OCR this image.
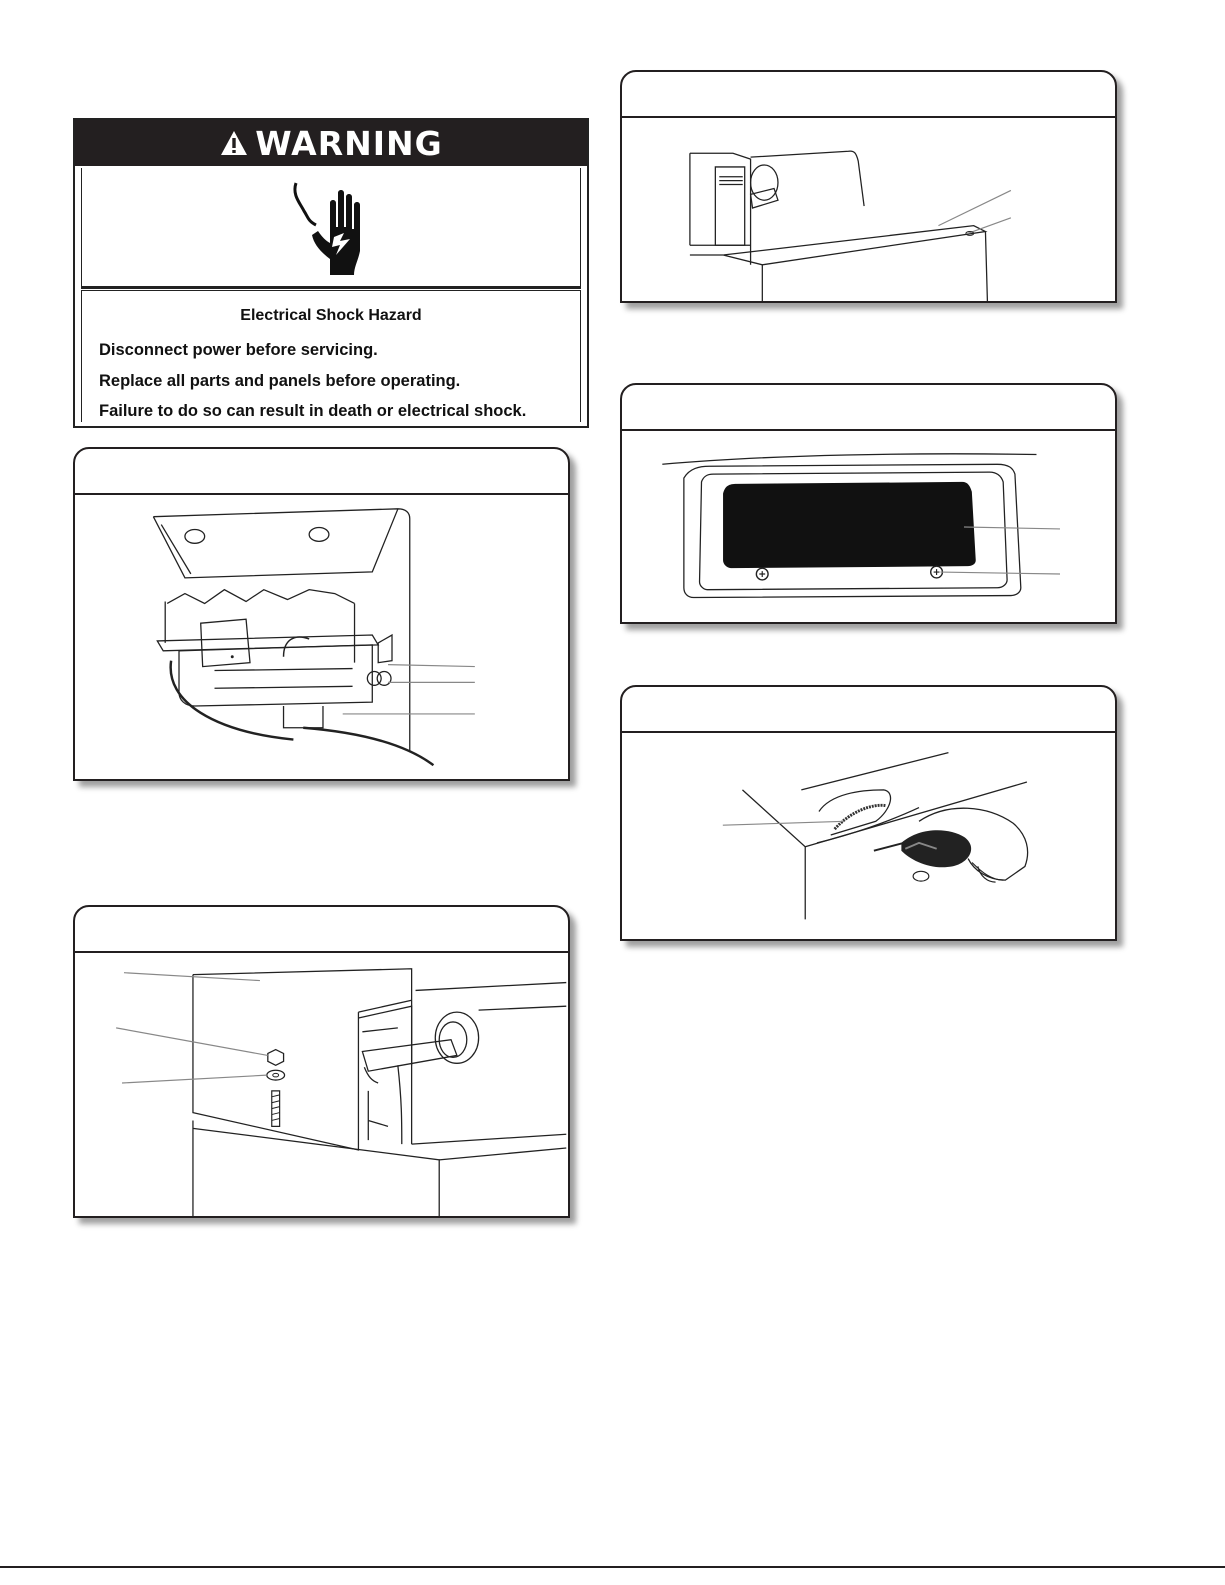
WARNING
Electrical Shock Hazard
Disconnect power before servicing.
Replace all parts and panels before operating.
Failure to do so can result in death or electrical shock.
